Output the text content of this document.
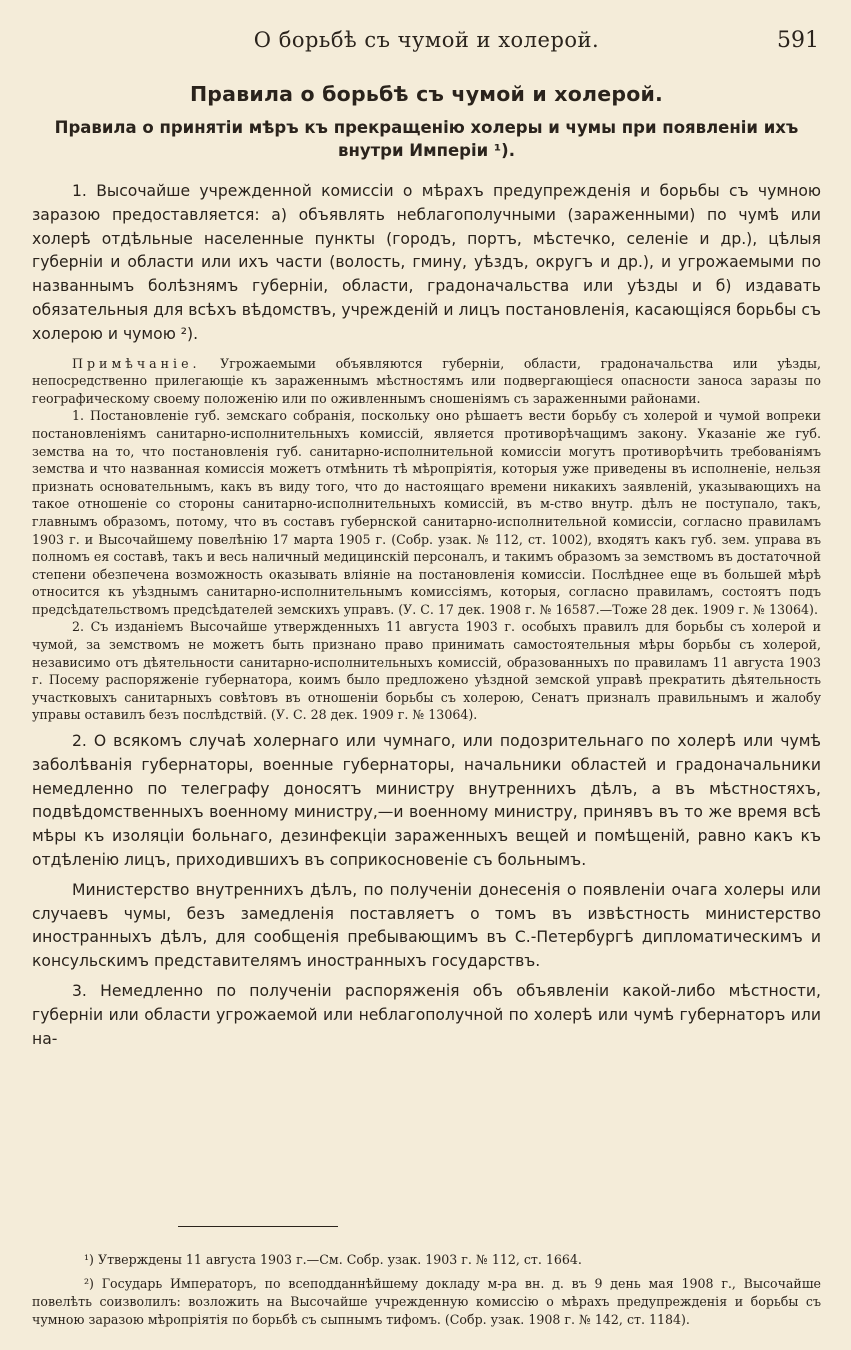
О борьбѣ съ чумой и холерой.	591
Правила о борьбѣ съ чумой и холерой.
Правила о принятіи мѣръ къ прекращенію холеры и чумы при появленіи ихъ внутри Имперіи ¹).

1. Высочайше учрежденной комиссіи о мѣрахъ предупрежденія и борьбы съ чумною заразою предоставляется: а) объявлять неблагополучными (зараженными) по чумѣ или холерѣ отдѣльные населенные пункты (городъ, портъ, мѣстечко, селеніе и др.), цѣлыя губерніи и области или ихъ части (волость, гмину, уѣздъ, округъ и др.), и угрожаемыми по названнымъ болѣзнямъ губерніи, области, градоначальства или уѣзды и б) издавать обязательныя для всѣхъ вѣдомствъ, учрежденій и лицъ постановленія, касающіяся борьбы съ холерою и чумою ²).

Примѣчаніе. Угрожаемыми объявляются губерніи, области, градоначальства или уѣзды, непосредственно прилегающіе къ зараженнымъ мѣстностямъ или подвергающіеся опасности заноса заразы по географическому своему положенію или по оживленнымъ сношеніямъ съ зараженными районами.

1. Постановленіе губ. земскаго собранія, поскольку оно рѣшаетъ вести борьбу съ холерой и чумой вопреки постановленіямъ санитарно-исполнительныхъ комиссій, является противорѣчащимъ закону. Указаніе же губ. земства на то, что постановленія губ. санитарно-исполнительной комиссіи могутъ противорѣчить требованіямъ земства и что названная комиссія можетъ отмѣнить тѣ мѣропріятія, которыя уже приведены въ исполненіе, нельзя признать основательнымъ, какъ въ виду того, что до настоящаго времени никакихъ заявленій, указывающихъ на такое отношеніе со стороны санитарно-исполнительныхъ комиссій, въ м-ство внутр. дѣлъ не поступало, такъ, главнымъ образомъ, потому, что въ составъ губернской санитарно-исполнительной комиссіи, согласно правиламъ 1903 г. и Высочайшему повелѣнію 17 марта 1905 г. (Собр. узак. № 112, ст. 1002), входятъ какъ губ. зем. управа въ полномъ ея составѣ, такъ и весь наличный медицинскій персоналъ, и такимъ образомъ за земствомъ въ достаточной степени обезпечена возможность оказывать вліяніе на постановленія комиссіи. Послѣднее еще въ большей мѣрѣ относится къ уѣзднымъ санитарно-исполнительнымъ комиссіямъ, которыя, согласно правиламъ, состоятъ подъ предсѣдательствомъ предсѣдателей земскихъ управъ. (У. С. 17 дек. 1908 г. № 16587.—Тоже 28 дек. 1909 г. № 13064).

2. Съ изданіемъ Высочайше утвержденныхъ 11 августа 1903 г. особыхъ правилъ для борьбы съ холерой и чумой, за земствомъ не можетъ быть признано право принимать самостоятельныя мѣры борьбы съ холерой, независимо отъ дѣятельности санитарно-исполнительныхъ комиссій, образованныхъ по правиламъ 11 августа 1903 г. Посему распоряженіе губернатора, коимъ было предложено уѣздной земской управѣ прекратить дѣятельность участковыхъ санитарныхъ совѣтовъ въ отношеніи борьбы съ холерою, Сенатъ призналъ правильнымъ и жалобу управы оставилъ безъ послѣдствій. (У. С. 28 дек. 1909 г. № 13064).

2. О всякомъ случаѣ холернаго или чумнаго, или подозрительнаго по холерѣ или чумѣ заболѣванія губернаторы, военные губернаторы, начальники областей и градоначальники немедленно по телеграфу доносятъ министру внутреннихъ дѣлъ, а въ мѣстностяхъ, подвѣдомственныхъ военному министру,—и военному министру, принявъ въ то же время всѣ мѣры къ изоляціи больнаго, дезинфекціи зараженныхъ вещей и помѣщеній, равно какъ къ отдѣленію лицъ, приходившихъ въ соприкосновеніе съ больнымъ.

Министерство внутреннихъ дѣлъ, по полученіи донесенія о появленіи очага холеры или случаевъ чумы, безъ замедленія поставляетъ о томъ въ извѣстность министерство иностранныхъ дѣлъ, для сообщенія пребывающимъ въ С.-Петербургѣ дипломатическимъ и консульскимъ представителямъ иностранныхъ государствъ.

3. Немедленно по полученіи распоряженія объ объявленіи какой-либо мѣстности, губерніи или области угрожаемой или неблагополучной по холерѣ или чумѣ губернаторъ или на-

¹) Утверждены 11 августа 1903 г.—См. Собр. узак. 1903 г. № 112, ст. 1664.

²) Государь Императоръ, по всеподданнѣйшему докладу м-ра вн. д. въ 9 день мая 1908 г., Высочайше повелѣть соизволилъ: возложить на Высочайше учрежденную комиссію о мѣрахъ предупрежденія и борьбы съ чумною заразою мѣропріятія по борьбѣ съ сыпнымъ тифомъ. (Собр. узак. 1908 г. № 142, ст. 1184).
